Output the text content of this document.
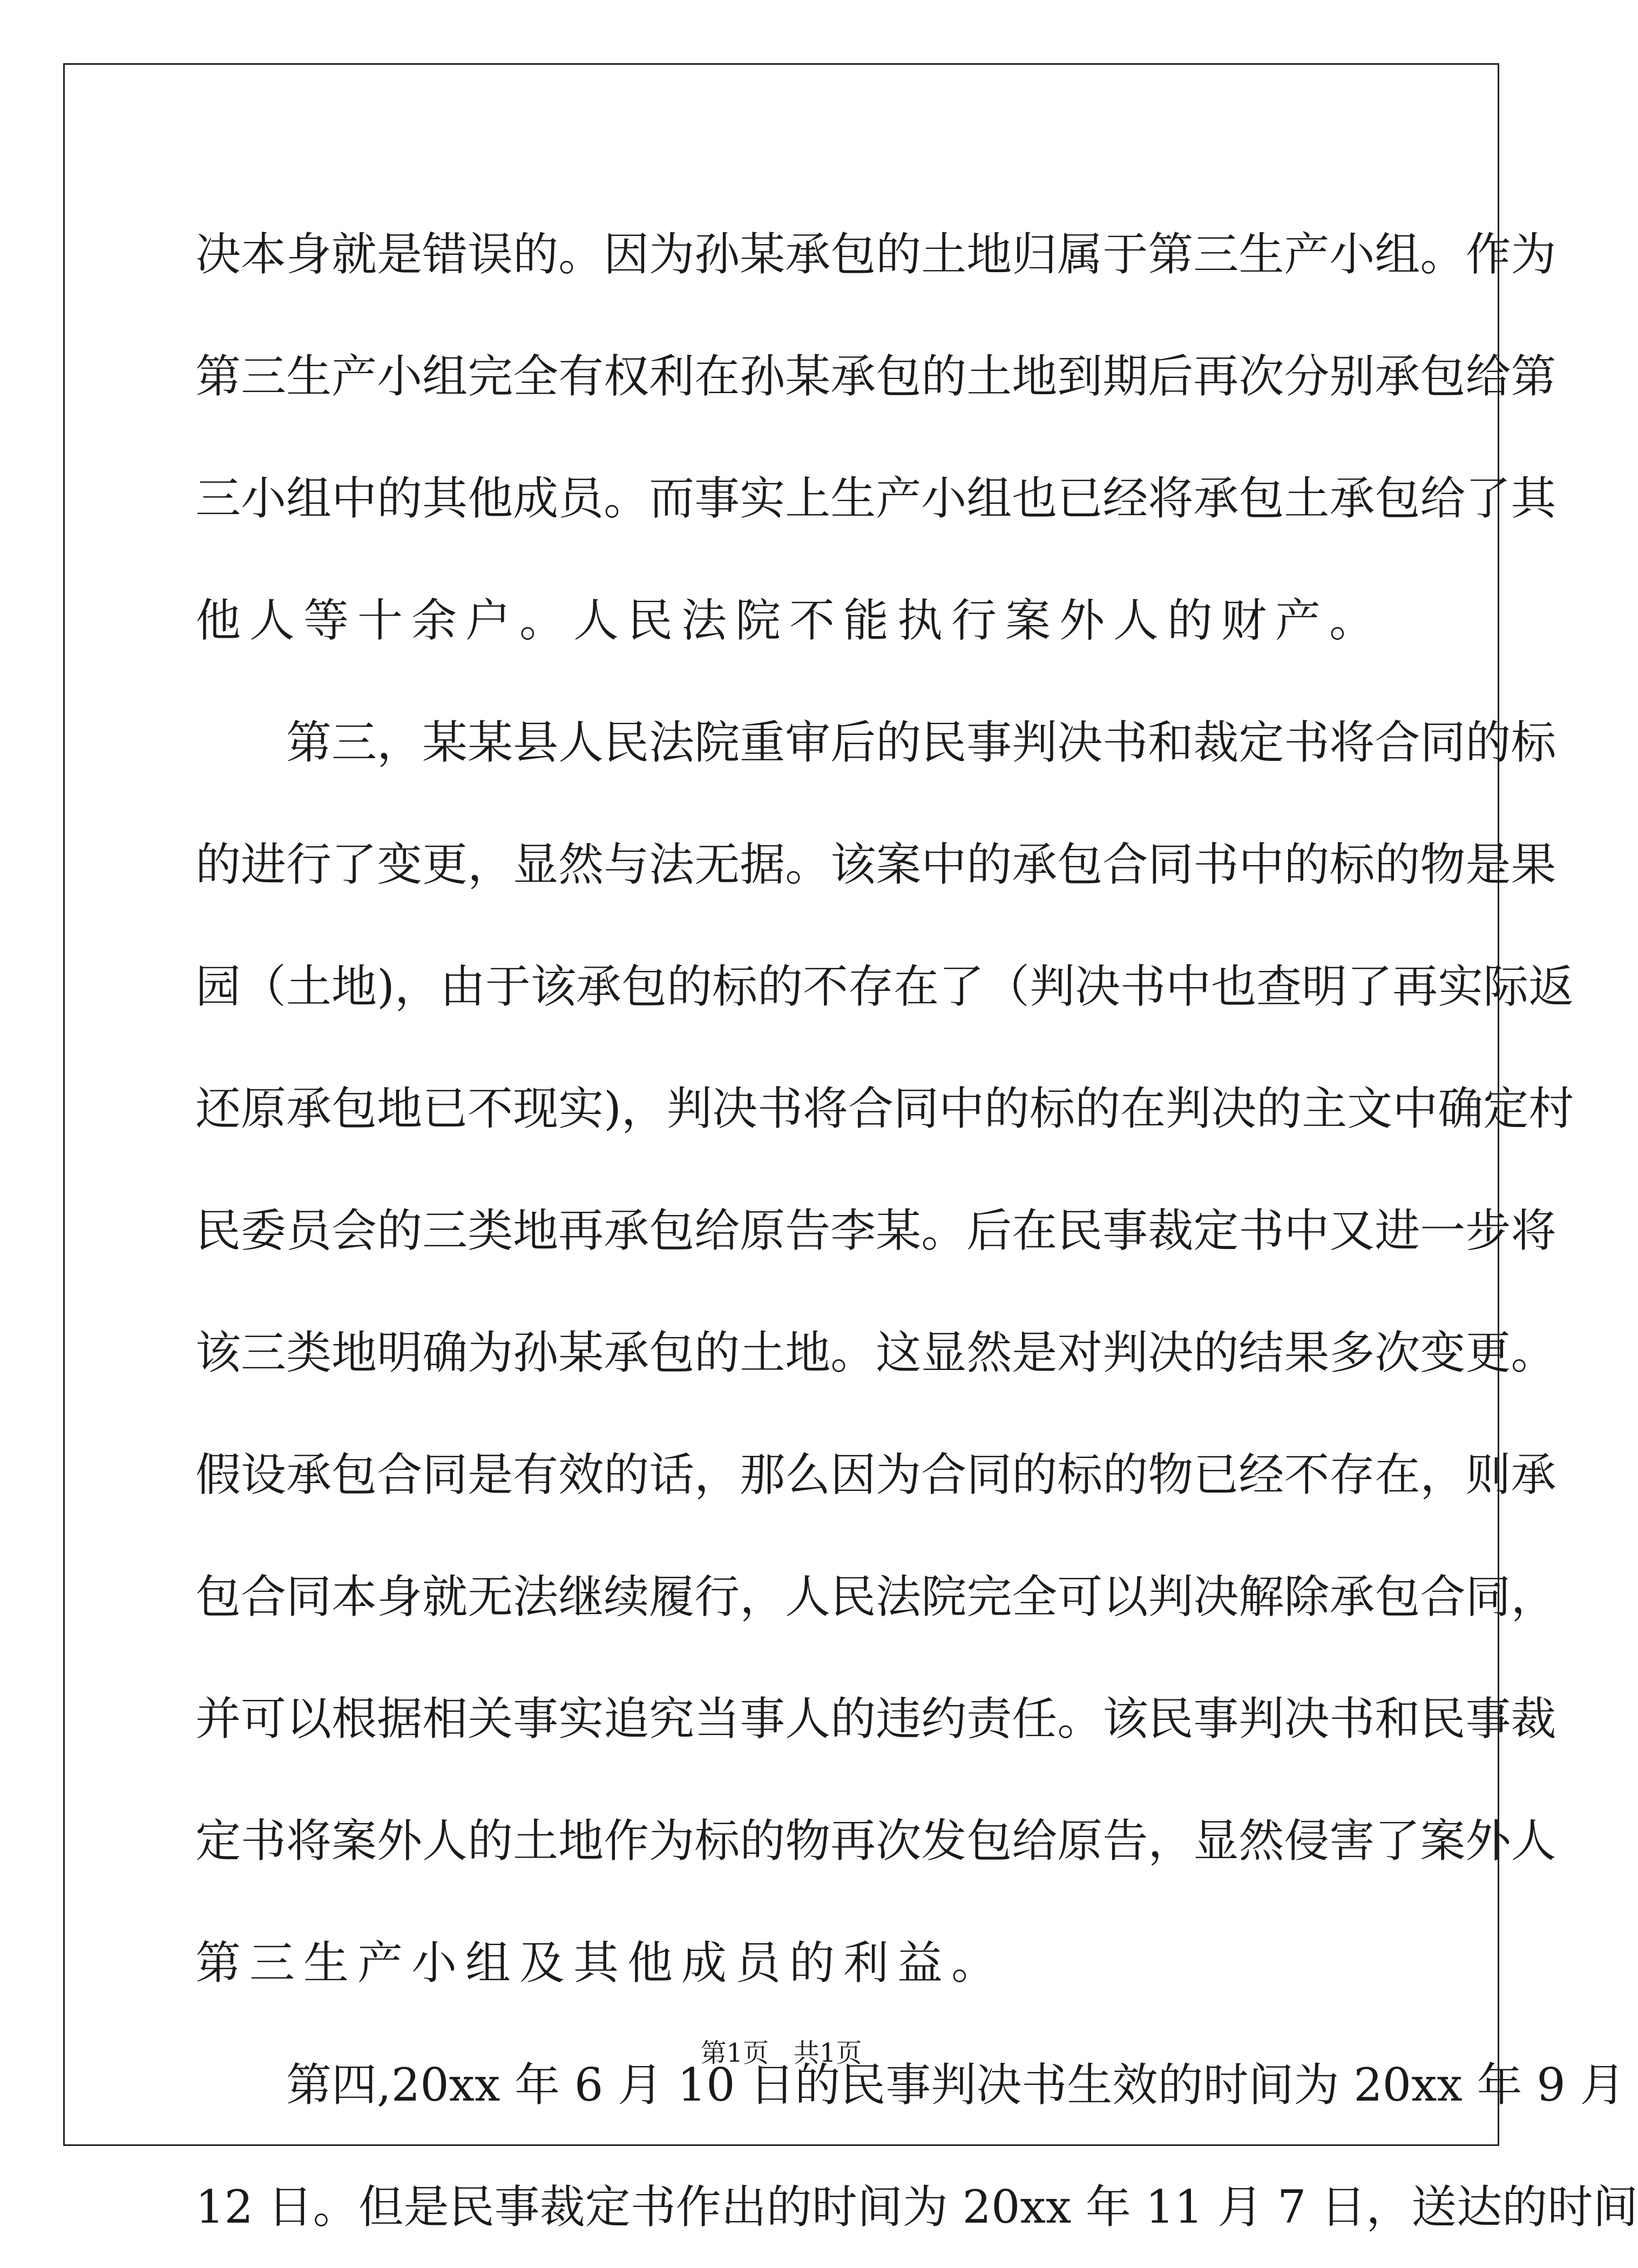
决 本 身 就 是 错 误 的 。 因 为 孙 某 承 包 的 土 地 归 属 于 第 三 生 产 小 组 。 作 为
第 三 生 产 小 组 完 全 有 权 利 在 孙 某 承 包 的 土 地 到 期 后 再 次 分 别 承 包 给 第
三 小 组 中 的 其 他 成 员 。 而 事 实 上 生 产 小 组 也 已 经 将 承 包 土 承 包 给 了 其
他人等十余户。人民法院不能执行案外人的财产。
第 三 ， 某 某 县 人 民 法 院 重 审 后 的 民 事 判 决 书 和 裁 定 书 将 合 同 的 标
的 进 行 了 变 更 ， 显 然 与 法 无 据 。 该 案 中 的 承 包 合 同 书 中 的 标 的 物 是 果
园 （ 土 地 ) ， 由 于 该 承 包 的 标 的 不 存 在 了 （ 判 决 书 中 也 查 明 了 再 实 际 返
还 原 承 包 地 已 不 现 实 ) ， 判 决 书 将 合 同 中 的 标 的 在 判 决 的 主 文 中 确 定 村
民 委 员 会 的 三 类 地 再 承 包 给 原 告 李 某 。 后 在 民 事 裁 定 书 中 又 进 一 步 将
该 三 类 地 明 确 为 孙 某 承 包 的 土 地 。 这 显 然 是 对 判 决 的 结 果 多 次 变 更 。
假 设 承 包 合 同 是 有 效 的 话 ， 那 么 因 为 合 同 的 标 的 物 已 经 不 存 在 ， 则 承
包 合 同 本 身 就 无 法 继 续 履 行 ， 人 民 法 院 完 全 可 以 判 决 解 除 承 包 合 同 ，
并 可 以 根 据 相 关 事 实 追 究 当 事 人 的 违 约 责 任 。 该 民 事 判 决 书 和 民 事 裁
定 书 将 案 外 人 的 土 地 作 为 标 的 物 再 次 发 包 给 原 告 ， 显 然 侵 害 了 案 外 人
第三生产小组及其他成员的利益。
第 四 , 2 0 x x
年
6
月
1 0
日 的 民 事 判 决 书 生 效 的 时 间 为
2 0 x x
年
9
月
1 2
日 。 但 是 民 事 裁 定 书 作 出 的 时 间 为
2 0 x x
年
1 1
月
7
日 ， 送 达 的 时 间
第1页 共1页
